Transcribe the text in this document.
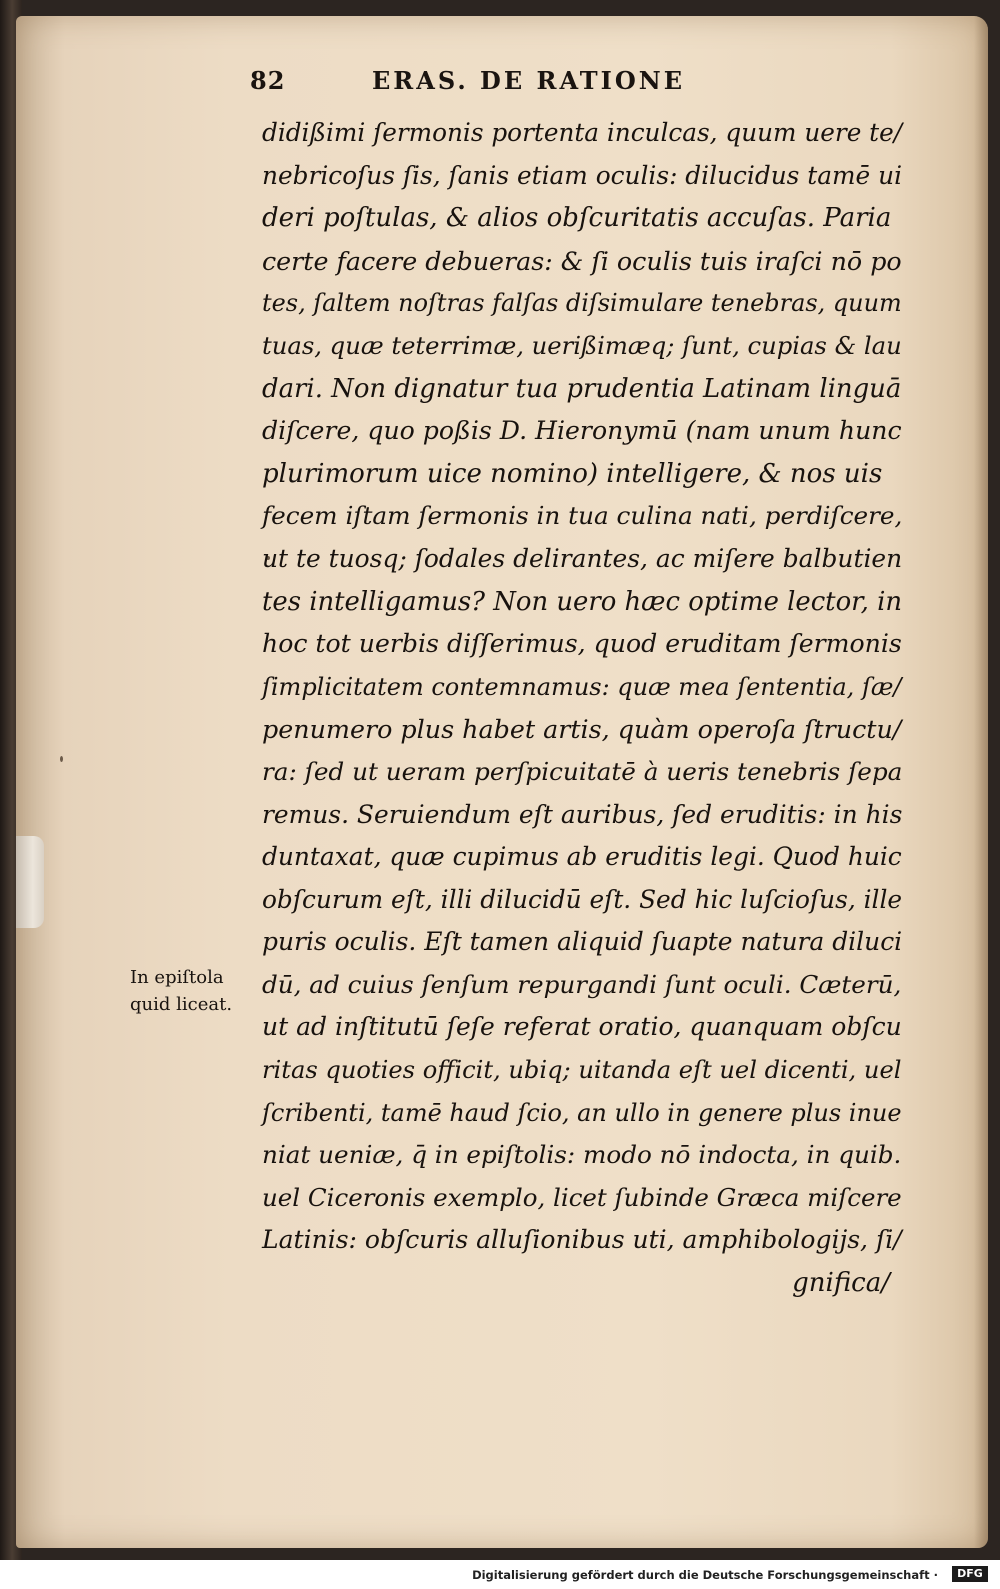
82	ERAS. DE RATIONE
didißimi ſermonis portenta inculcas, quum uere te/
nebricoſus ſis, ſanis etiam oculis: dilucidus tamē ui
deri poſtulas, & alios obſcuritatis accuſas. Paria
certe facere debueras: & ſi oculis tuis iraſci nō po
tes, ſaltem noſtras falſas diſsimulare tenebras, quum
tuas, quæ teterrimæ, uerißimæq; ſunt, cupias & lau
dari. Non dignatur tua prudentia Latinam linguā
diſcere, quo poßis D. Hieronymū (nam unum hunc
plurimorum uice nomino) intelligere, & nos uis
fecem iſtam ſermonis in tua culina nati, perdiſcere,
ut te tuosq; ſodales delirantes, ac miſere balbutien
tes intelligamus? Non uero hæc optime lector, in
hoc tot uerbis diſſerimus, quod eruditam ſermonis
ſimplicitatem contemnamus: quæ mea ſententia, ſæ/
penumero plus habet artis, quàm operoſa ſtructu/
ra: ſed ut ueram perſpicuitatē à ueris tenebris ſepa
remus. Seruiendum eſt auribus, ſed eruditis: in his
duntaxat, quæ cupimus ab eruditis legi. Quod huic
obſcurum eſt, illi dilucidū eſt. Sed hic luſcioſus, ille
puris oculis. Eſt tamen aliquid ſuapte natura diluci
dū, ad cuius ſenſum repurgandi ſunt oculi. Cæterū,
ut ad inſtitutū ſeſe referat oratio, quanquam obſcu
ritas quoties officit, ubiq; uitanda eſt uel dicenti, uel
ſcribenti, tamē haud ſcio, an ullo in genere plus inue
niat ueniæ, q̄ in epiſtolis: modo nō indocta, in quib.
uel Ciceronis exemplo, licet ſubinde Græca miſcere
Latinis: obſcuris alluſionibus uti, amphibologijs, ſi/
gnifica/
In epiſtola
quid liceat.
Digitalisierung gefördert durch die Deutsche Forschungsgemeinschaft ·	DFG
